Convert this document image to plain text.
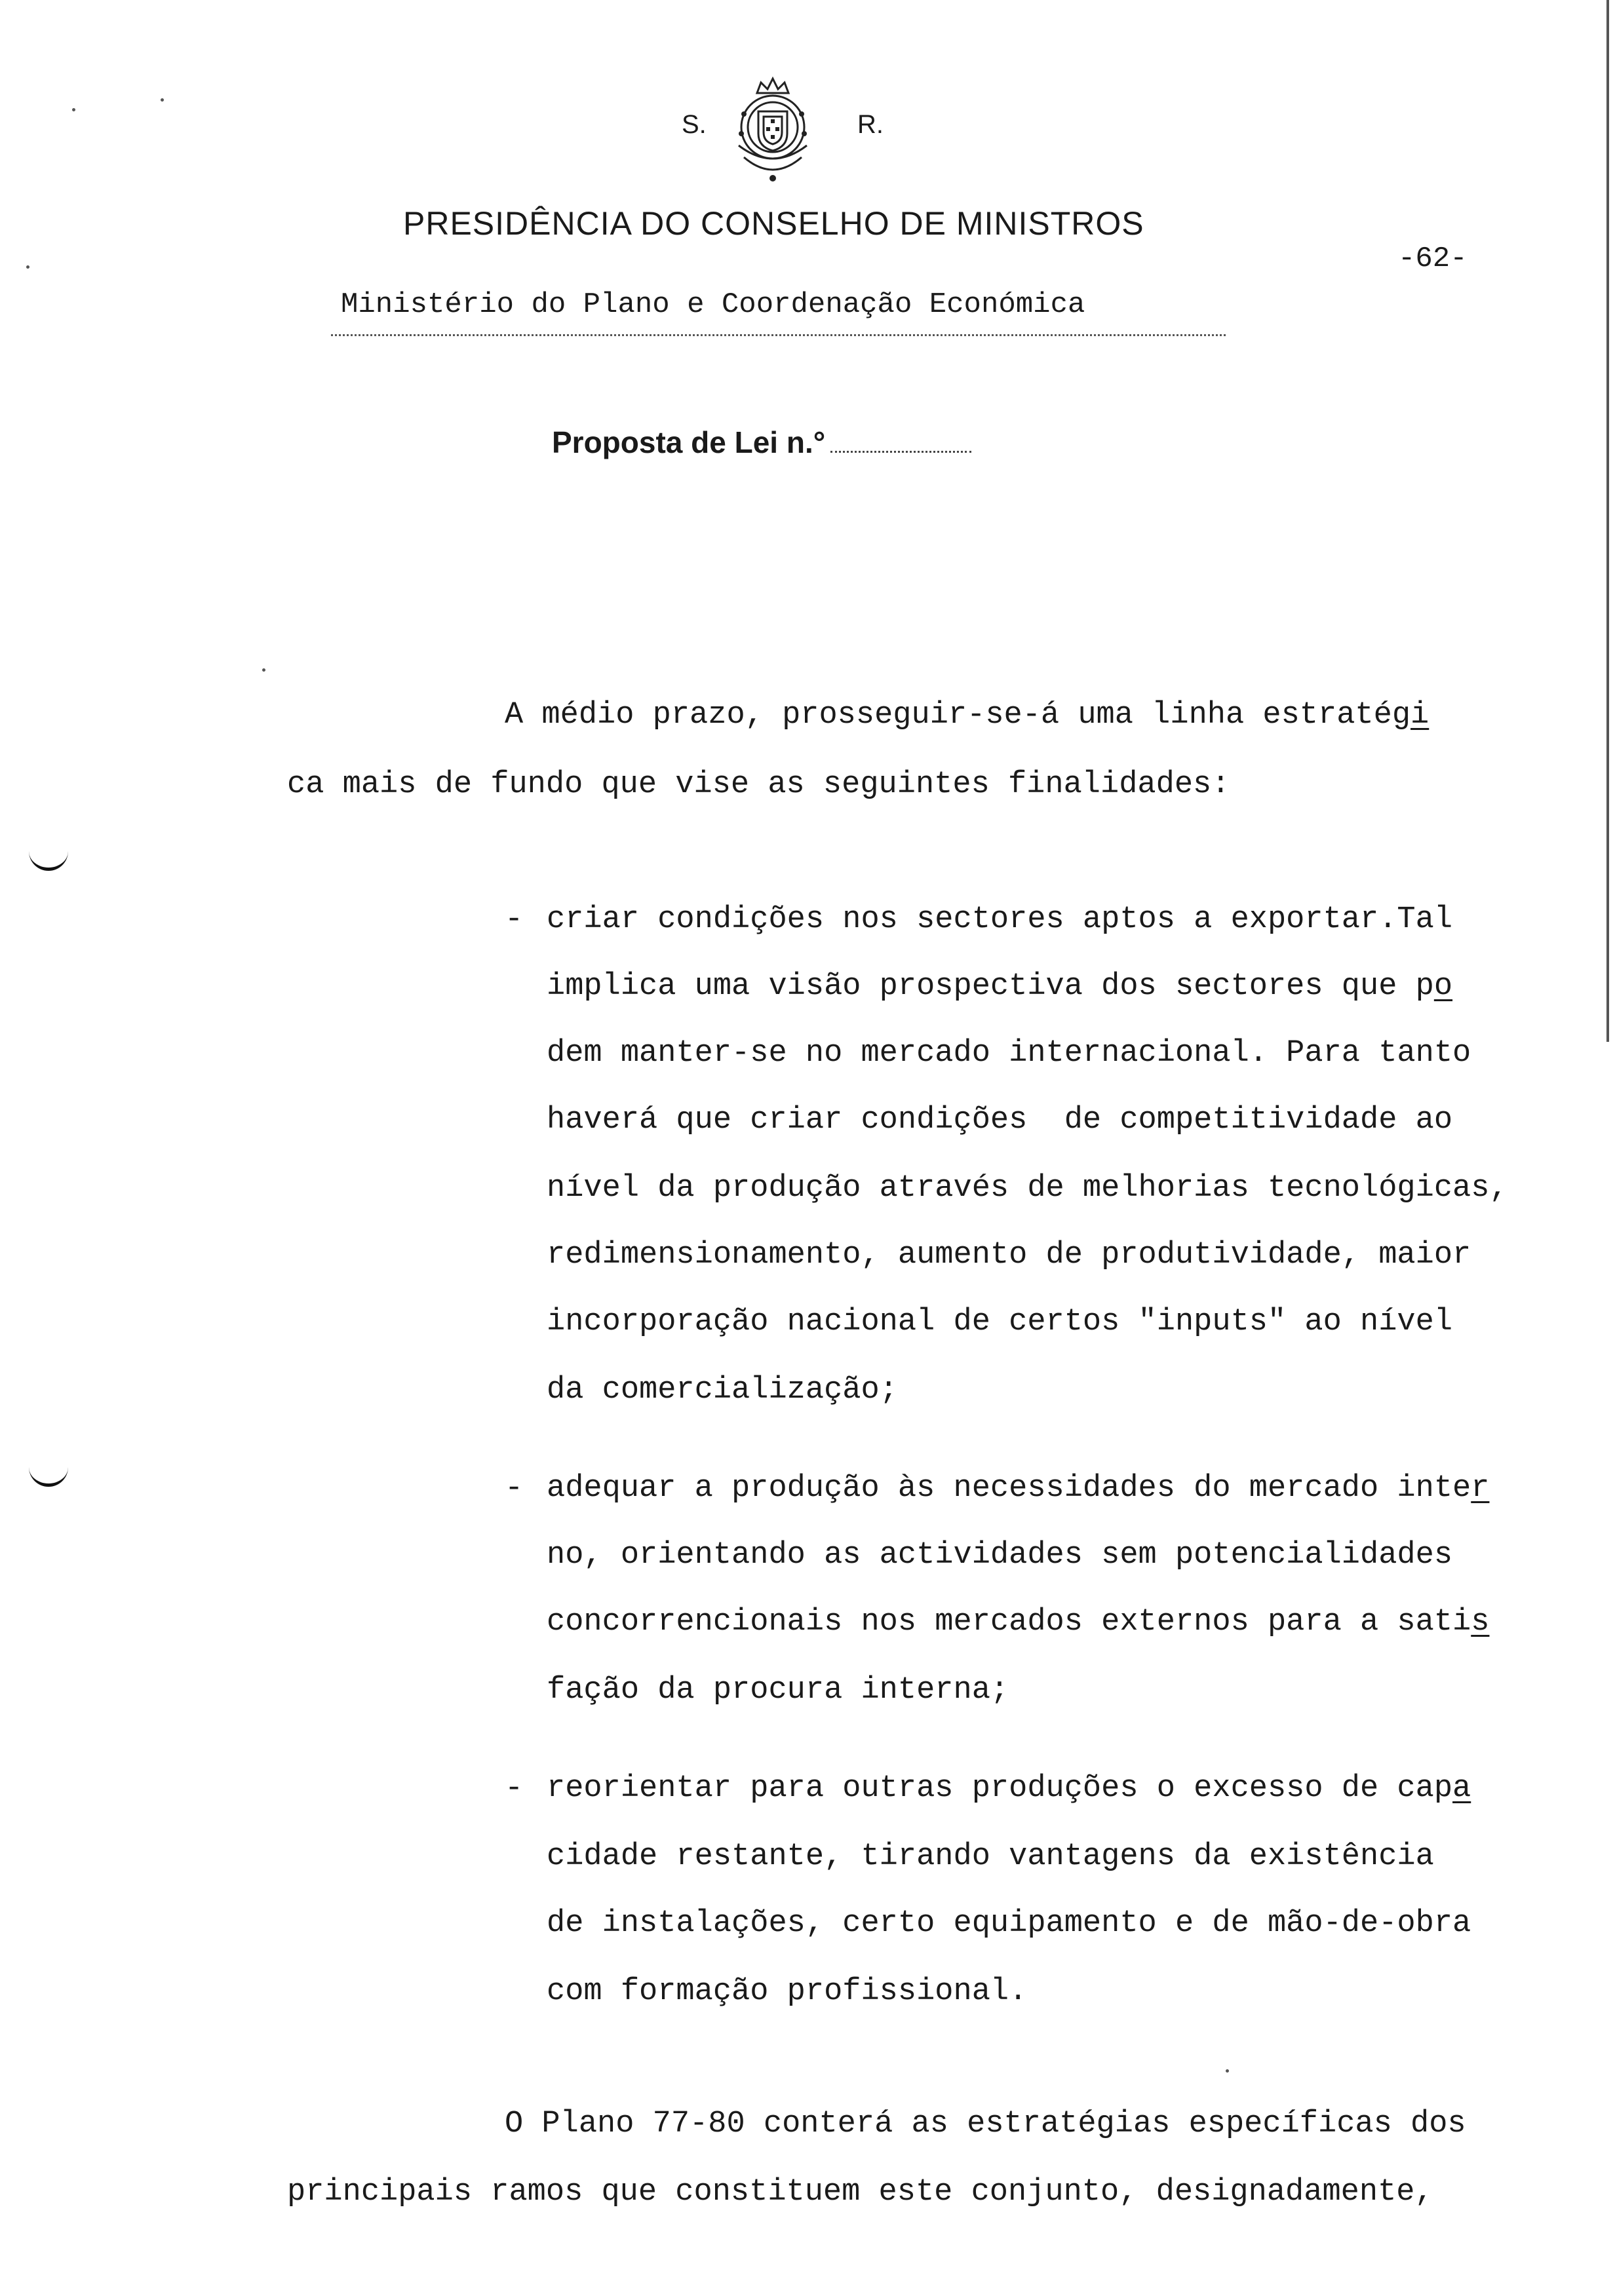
S.	R.
PRESIDÊNCIA DO CONSELHO DE MINISTROS
Ministério do Plano e Coordenação Económica
-62-
Proposta de Lei n.°
A médio prazo, prosseguir-se-á uma linha estratégi
ca mais de fundo que vise as seguintes finalidades:
- criar condições nos sectores aptos a exportar.Tal
implica uma visão prospectiva dos sectores que po
dem manter-se no mercado internacional. Para tanto
haverá que criar condições  de competitividade ao
nível da produção através de melhorias tecnológicas,
redimensionamento, aumento de produtividade, maior
incorporação nacional de certos "inputs" ao nível
da comercialização;
- adequar a produção às necessidades do mercado inter
no, orientando as actividades sem potencialidades
concorrencionais nos mercados externos para a satis
fação da procura interna;
- reorientar para outras produções o excesso de capa
cidade restante, tirando vantagens da existência
de instalações, certo equipamento e de mão-de-obra
com formação profissional.
O Plano 77-80 conterá as estratégias específicas dos
principais ramos que constituem este conjunto, designadamente,
